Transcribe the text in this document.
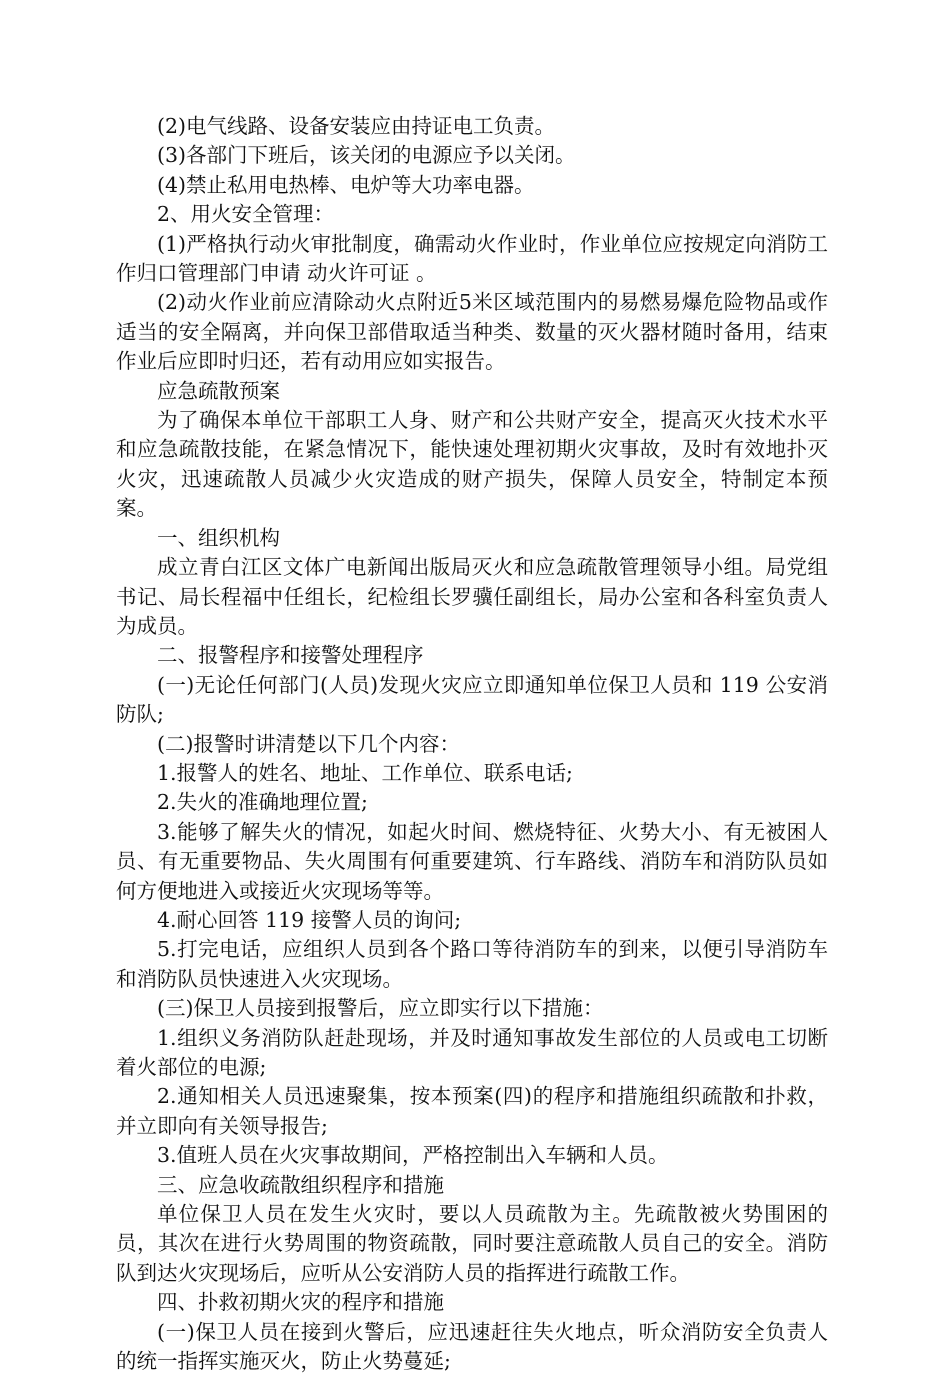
(2)电气线路、设备安装应由持证电工负责。

(3)各部门下班后，该关闭的电源应予以关闭。

(4)禁止私用电热棒、电炉等大功率电器。

2、用火安全管理：

(1)严格执行动火审批制度，确需动火作业时，作业单位应按规定向消防工作归口管理部门申请 动火许可证 。

(2)动火作业前应清除动火点附近5米区域范围内的易燃易爆危险物品或作适当的安全隔离，并向保卫部借取适当种类、数量的灭火器材随时备用，结束作业后应即时归还，若有动用应如实报告。

应急疏散预案

为了确保本单位干部职工人身、财产和公共财产安全，提高灭火技术水平和应急疏散技能，在紧急情况下，能快速处理初期火灾事故，及时有效地扑灭火灾，迅速疏散人员减少火灾造成的财产损失，保障人员安全，特制定本预案。

一、组织机构

成立青白江区文体广电新闻出版局灭火和应急疏散管理领导小组。局党组书记、局长程福中任组长，纪检组长罗骥任副组长，局办公室和各科室负责人为成员。

二、报警程序和接警处理程序

(一)无论任何部门(人员)发现火灾应立即通知单位保卫人员和 119 公安消防队;

(二)报警时讲清楚以下几个内容：

1.报警人的姓名、地址、工作单位、联系电话;

2.失火的准确地理位置;

3.能够了解失火的情况，如起火时间、燃烧特征、火势大小、有无被困人员、有无重要物品、失火周围有何重要建筑、行车路线、消防车和消防队员如何方便地进入或接近火灾现场等等。

4.耐心回答 119 接警人员的询问;

5.打完电话，应组织人员到各个路口等待消防车的到来，以便引导消防车和消防队员快速进入火灾现场。

(三)保卫人员接到报警后，应立即实行以下措施：

1.组织义务消防队赶赴现场，并及时通知事故发生部位的人员或电工切断着火部位的电源;

2.通知相关人员迅速聚集，按本预案(四)的程序和措施组织疏散和扑救，并立即向有关领导报告;

3.值班人员在火灾事故期间，严格控制出入车辆和人员。

三、应急收疏散组织程序和措施

单位保卫人员在发生火灾时，要以人员疏散为主。先疏散被火势围困的员，其次在进行火势周围的物资疏散，同时要注意疏散人员自己的安全。消防队到达火灾现场后，应听从公安消防人员的指挥进行疏散工作。

四、扑救初期火灾的程序和措施

(一)保卫人员在接到火警后，应迅速赶往失火地点，听众消防安全负责人的统一指挥实施灭火，防止火势蔓延;
